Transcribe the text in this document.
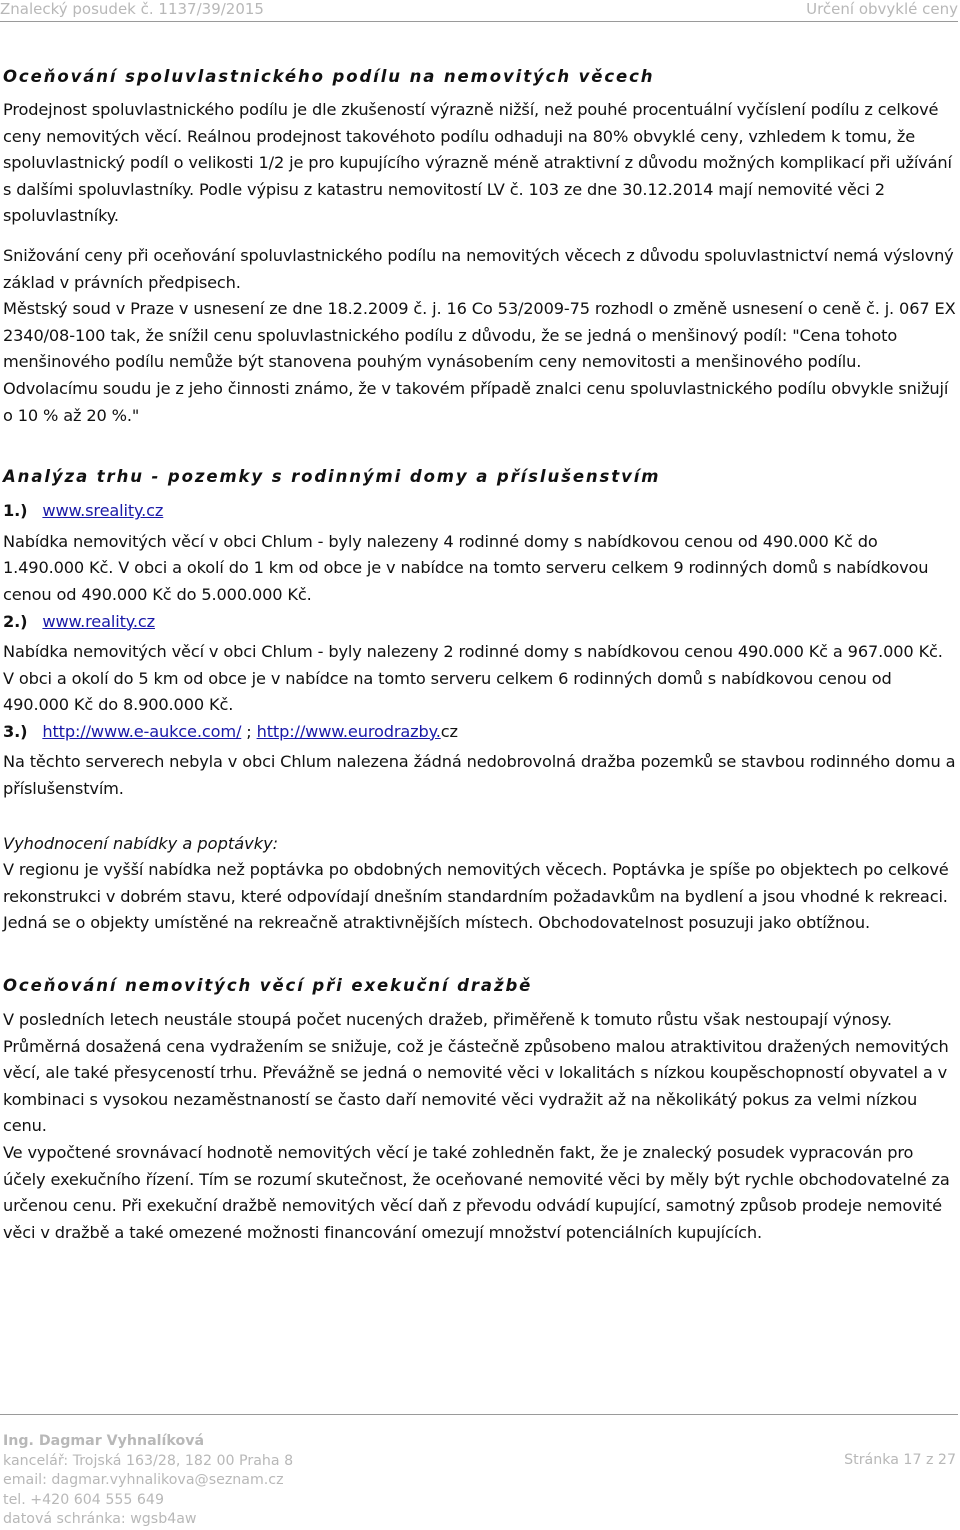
Znalecký posudek č. 1137/39/2015	Určení obvyklé ceny
Oceňování spoluvlastnického podílu na nemovitých věcech

Prodejnost spoluvlastnického podílu je dle zkušeností výrazně nižší, než pouhé procentuální vyčíslení podílu z celkové ceny nemovitých věcí. Reálnou prodejnost takovéhoto podílu odhaduji na 80% obvyklé ceny, vzhledem k tomu, že spoluvlastnický podíl o velikosti 1/2 je pro kupujícího výrazně méně atraktivní z důvodu možných komplikací při užívání s dalšími spoluvlastníky. Podle výpisu z katastru nemovitostí LV č. 103 ze dne 30.12.2014 mají nemovité věci 2 spoluvlastníky.

Snižování ceny při oceňování spoluvlastnického podílu na nemovitých věcech z důvodu spoluvlastnictví nemá výslovný základ v právních předpisech.

Městský soud v Praze v usnesení ze dne 18.2.2009 č. j. 16 Co 53/2009-75 rozhodl o změně usnesení o ceně č. j. 067 EX 2340/08-100 tak, že snížil cenu spoluvlastnického podílu z důvodu, že se jedná o menšinový podíl: "Cena tohoto menšinového podílu nemůže být stanovena pouhým vynásobením ceny nemovitosti a menšinového podílu. Odvolacímu soudu je z jeho činnosti známo, že v takovém případě znalci cenu spoluvlastnického podílu obvykle snižují o 10 % až 20 %."

Analýza trhu - pozemky s rodinnými domy a příslušenstvím

1.) www.sreality.cz

Nabídka nemovitých věcí v obci Chlum - byly nalezeny 4 rodinné domy s nabídkovou cenou od 490.000 Kč do 1.490.000 Kč. V obci a okolí do 1 km od obce je v nabídce na tomto serveru celkem 9 rodinných domů s nabídkovou cenou od 490.000 Kč do 5.000.000 Kč.

2.) www.reality.cz

Nabídka nemovitých věcí v obci Chlum - byly nalezeny 2 rodinné domy s nabídkovou cenou 490.000 Kč a 967.000 Kč. V obci a okolí do 5 km od obce je v nabídce na tomto serveru celkem 6 rodinných domů s nabídkovou cenou od 490.000 Kč do 8.900.000 Kč.

3.) http://www.e-aukce.com/ ; http://www.eurodrazby.cz

Na těchto serverech nebyla v obci Chlum nalezena žádná nedobrovolná dražba pozemků se stavbou rodinného domu a příslušenstvím.

Vyhodnocení nabídky a poptávky:

V regionu je vyšší nabídka než poptávka po obdobných nemovitých věcech. Poptávka je spíše po objektech po celkové rekonstrukci v dobrém stavu, které odpovídají dnešním standardním požadavkům na bydlení a jsou vhodné k rekreaci. Jedná se o objekty umístěné na rekreačně atraktivnějších místech. Obchodovatelnost posuzuji jako obtížnou.

Oceňování nemovitých věcí při exekuční dražbě

V posledních letech neustále stoupá počet nucených dražeb, přiměřeně k tomuto růstu však nestoupají výnosy. Průměrná dosažená cena vydražením se snižuje, což je částečně způsobeno malou atraktivitou dražených nemovitých věcí, ale také přesyceností trhu. Převážně se jedná o nemovité věci v lokalitách s nízkou koupěschopností obyvatel a v kombinaci s vysokou nezaměstnaností se často daří nemovité věci vydražit až na několikátý pokus za velmi nízkou cenu.

Ve vypočtené srovnávací hodnotě nemovitých věcí je také zohledněn fakt, že je znalecký posudek vypracován pro účely exekučního řízení. Tím se rozumí skutečnost, že oceňované nemovité věci by měly být rychle obchodovatelné za určenou cenu. Při exekuční dražbě nemovitých věcí daň z převodu odvádí kupující, samotný způsob prodeje nemovité věci v dražbě a také omezené možnosti financování omezují množství potenciálních kupujících.

Ing. Dagmar Vyhnalíková
kancelář: Trojská 163/28, 182 00 Praha 8
email: dagmar.vyhnalikova@seznam.cz
tel. +420 604 555 649
datová schránka: wgsb4aw
Stránka 17 z 27
